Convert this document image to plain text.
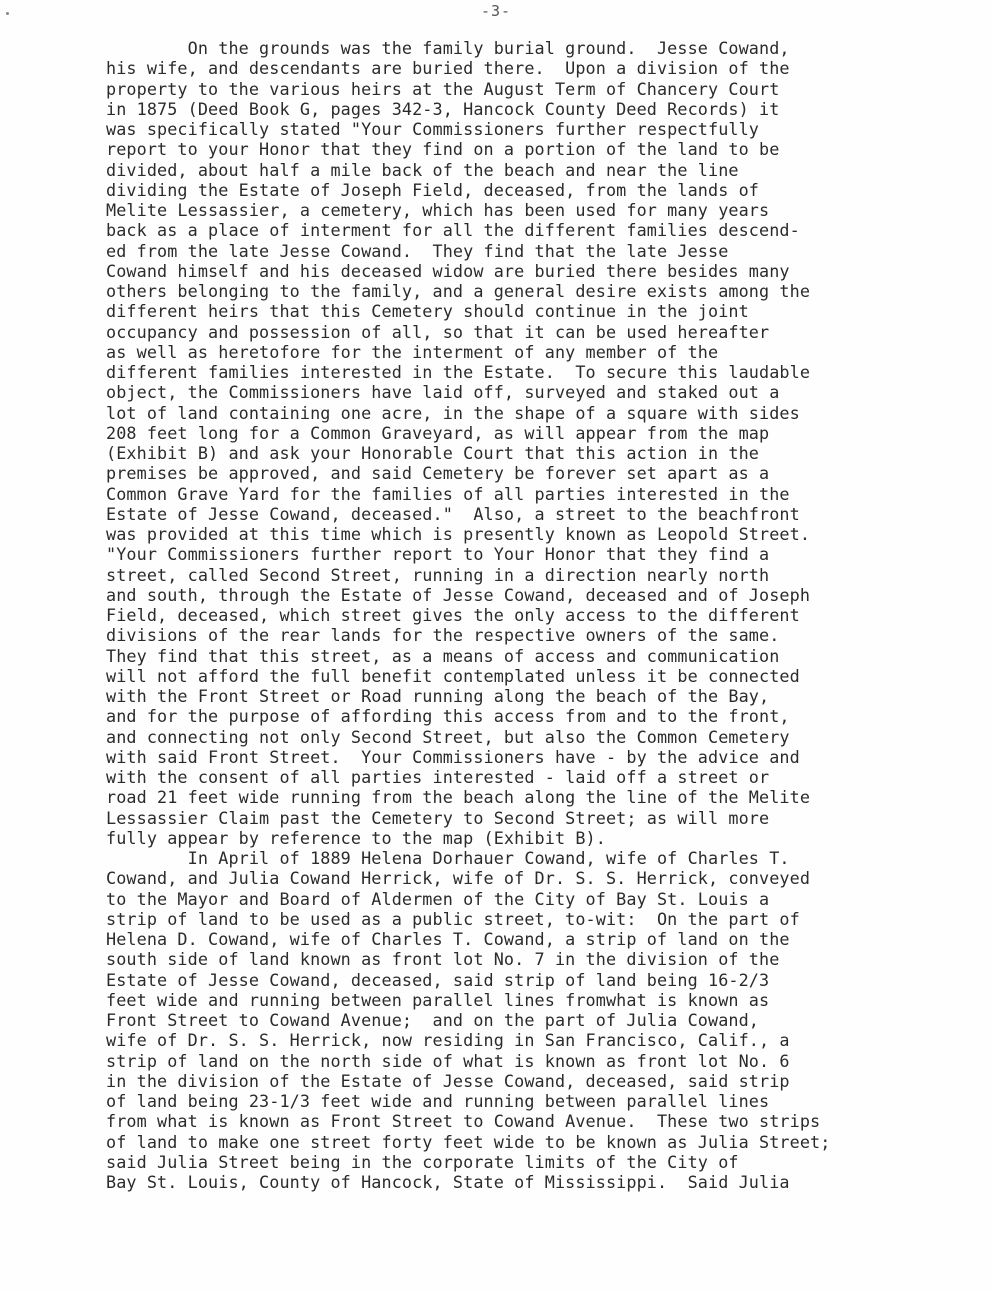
-3-
On the grounds was the family burial ground.  Jesse Cowand,
his wife, and descendants are buried there.  Upon a division of the
property to the various heirs at the August Term of Chancery Court
in 1875 (Deed Book G, pages 342-3, Hancock County Deed Records) it
was specifically stated "Your Commissioners further respectfully
report to your Honor that they find on a portion of the land to be
divided, about half a mile back of the beach and near the line
dividing the Estate of Joseph Field, deceased, from the lands of
Melite Lessassier, a cemetery, which has been used for many years
back as a place of interment for all the different families descend-
ed from the late Jesse Cowand.  They find that the late Jesse
Cowand himself and his deceased widow are buried there besides many
others belonging to the family, and a general desire exists among the
different heirs that this Cemetery should continue in the joint
occupancy and possession of all, so that it can be used hereafter
as well as heretofore for the interment of any member of the
different families interested in the Estate.  To secure this laudable
object, the Commissioners have laid off, surveyed and staked out a
lot of land containing one acre, in the shape of a square with sides
208 feet long for a Common Graveyard, as will appear from the map
(Exhibit B) and ask your Honorable Court that this action in the
premises be approved, and said Cemetery be forever set apart as a
Common Grave Yard for the families of all parties interested in the
Estate of Jesse Cowand, deceased."  Also, a street to the beachfront
was provided at this time which is presently known as Leopold Street.
"Your Commissioners further report to Your Honor that they find a
street, called Second Street, running in a direction nearly north
and south, through the Estate of Jesse Cowand, deceased and of Joseph
Field, deceased, which street gives the only access to the different
divisions of the rear lands for the respective owners of the same.
They find that this street, as a means of access and communication
will not afford the full benefit contemplated unless it be connected
with the Front Street or Road running along the beach of the Bay,
and for the purpose of affording this access from and to the front,
and connecting not only Second Street, but also the Common Cemetery
with said Front Street.  Your Commissioners have - by the advice and
with the consent of all parties interested - laid off a street or
road 21 feet wide running from the beach along the line of the Melite
Lessassier Claim past the Cemetery to Second Street; as will more
fully appear by reference to the map (Exhibit B).
In April of 1889 Helena Dorhauer Cowand, wife of Charles T.
Cowand, and Julia Cowand Herrick, wife of Dr. S. S. Herrick, conveyed
to the Mayor and Board of Aldermen of the City of Bay St. Louis a
strip of land to be used as a public street, to-wit:  On the part of
Helena D. Cowand, wife of Charles T. Cowand, a strip of land on the
south side of land known as front lot No. 7 in the division of the
Estate of Jesse Cowand, deceased, said strip of land being 16-2/3
feet wide and running between parallel lines fromwhat is known as
Front Street to Cowand Avenue;  and on the part of Julia Cowand,
wife of Dr. S. S. Herrick, now residing in San Francisco, Calif., a
strip of land on the north side of what is known as front lot No. 6
in the division of the Estate of Jesse Cowand, deceased, said strip
of land being 23-1/3 feet wide and running between parallel lines
from what is known as Front Street to Cowand Avenue.  These two strips
of land to make one street forty feet wide to be known as Julia Street;
said Julia Street being in the corporate limits of the City of
Bay St. Louis, County of Hancock, State of Mississippi.  Said Julia
